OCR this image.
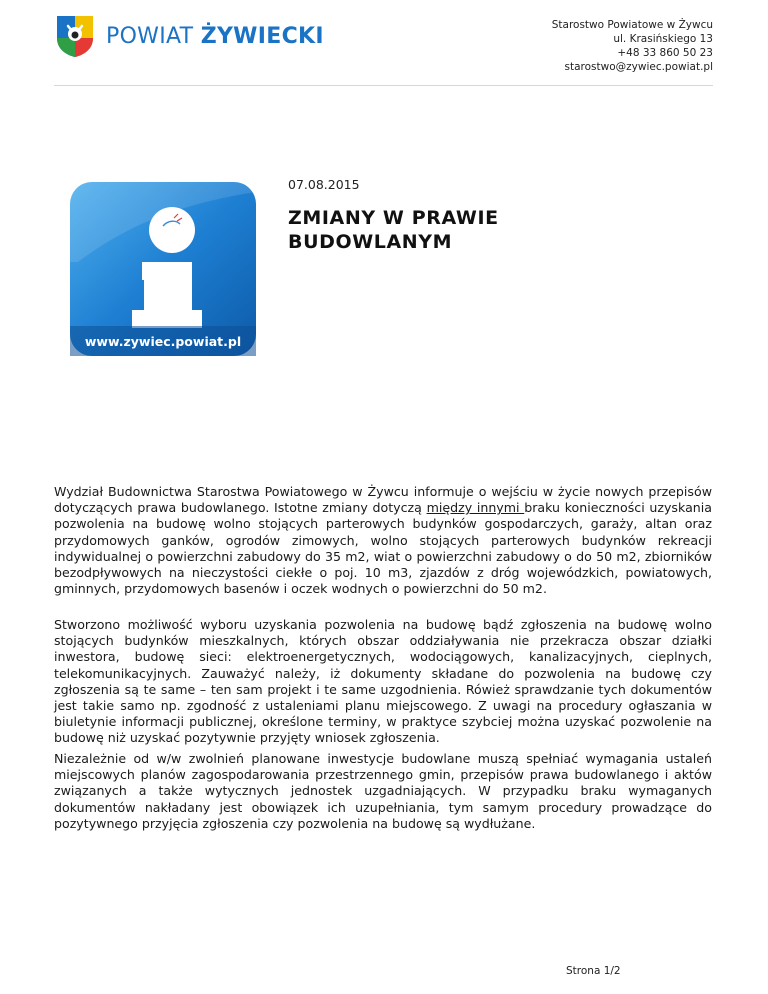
POWIAT ŻYWIECKI	Starostwo Powiatowe w Żywcu
ul. Krasińskiego 13
+48 33 860 50 23
starostwo@zywiec.powiat.pl
www.zywiec.powiat.pl
07.08.2015
ZMIANY W PRAWIE BUDOWLANYM

Wydział Budownictwa Starostwa Powiatowego w Żywcu informuje o wejściu w życie nowych przepisów dotyczących prawa budowlanego. Istotne zmiany dotyczą między innymi braku konieczności uzyskania pozwolenia na budowę wolno stojących parterowych budynków gospodarczych, garaży, altan oraz przydomowych ganków, ogrodów zimowych, wolno stojących parterowych budynków rekreacji indywidualnej o powierzchni zabudowy do 35 m2, wiat o powierzchni zabudowy o do 50 m2, zbiorników bezodpływowych na nieczystości ciekłe o poj. 10 m3, zjazdów z dróg wojewódzkich, powiatowych, gminnych, przydomowych basenów i oczek wodnych o powierzchni do 50 m2.

Stworzono możliwość wyboru uzyskania pozwolenia na budowę bądź zgłoszenia na budowę wolno stojących budynków mieszkalnych, których obszar oddziaływania nie przekracza obszar działki inwestora, budowę sieci: elektroenergetycznych, wodociągowych, kanalizacyjnych, cieplnych, telekomunikacyjnych. Zauważyć należy, iż dokumenty składane do pozwolenia na budowę czy zgłoszenia są te same – ten sam projekt i te same uzgodnienia. Rówież sprawdzanie tych dokumentów jest takie samo np. zgodność z ustaleniami planu miejscowego. Z uwagi na procedury ogłaszania w biuletynie informacji publicznej, określone terminy, w praktyce szybciej można uzyskać pozwolenie na budowę niż uzyskać pozytywnie przyjęty wniosek zgłoszenia.

Niezależnie od w/w zwolnień planowane inwestycje budowlane muszą spełniać wymagania ustaleń miejscowych planów zagospodarowania przestrzennego gmin, przepisów prawa budowlanego i aktów związanych a także wytycznych jednostek uzgadniających. W przypadku braku wymaganych dokumentów nakładany jest obowiązek ich uzupełniania, tym samym procedury prowadzące do pozytywnego przyjęcia zgłoszenia czy pozwolenia na budowę są wydłużane.

Strona 1/2
